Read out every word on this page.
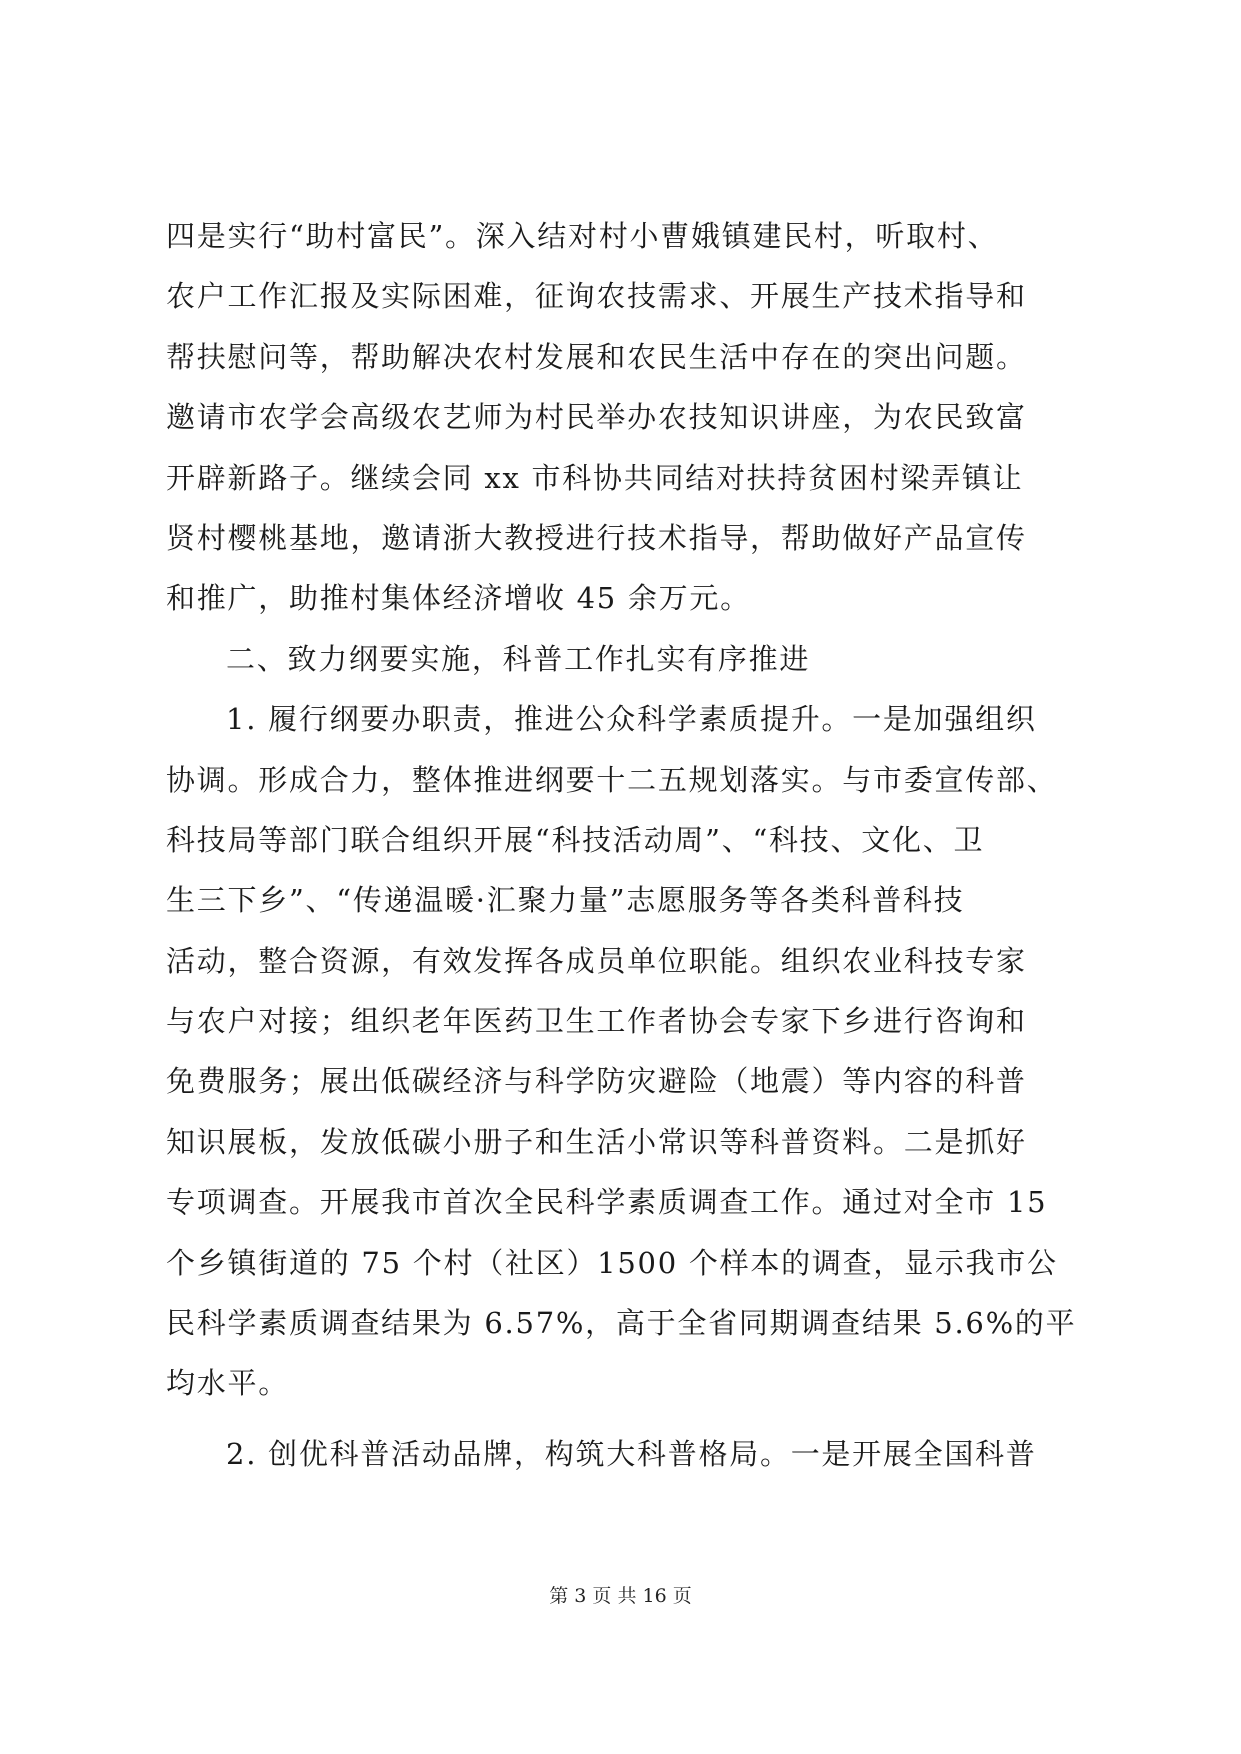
四是实行“助村富民”。深入结对村小曹娥镇建民村，听取村、
农户工作汇报及实际困难，征询农技需求、开展生产技术指导和
帮扶慰问等，帮助解决农村发展和农民生活中存在的突出问题。
邀请市农学会高级农艺师为村民举办农技知识讲座，为农民致富
开辟新路子。继续会同 xx 市科协共同结对扶持贫困村梁弄镇让
贤村樱桃基地，邀请浙大教授进行技术指导，帮助做好产品宣传
和推广，助推村集体经济增收 45 余万元。
二、致力纲要实施，科普工作扎实有序推进
1. 履行纲要办职责，推进公众科学素质提升。一是加强组织
协调。形成合力，整体推进纲要十二五规划落实。与市委宣传部、
科技局等部门联合组织开展“科技活动周”、“科技、文化、卫
生三下乡”、“传递温暖·汇聚力量”志愿服务等各类科普科技
活动，整合资源，有效发挥各成员单位职能。组织农业科技专家
与农户对接；组织老年医药卫生工作者协会专家下乡进行咨询和
免费服务；展出低碳经济与科学防灾避险（地震）等内容的科普
知识展板，发放低碳小册子和生活小常识等科普资料。二是抓好
专项调查。开展我市首次全民科学素质调查工作。通过对全市 15
个乡镇街道的 75 个村（社区）1500 个样本的调查，显示我市公
民科学素质调查结果为 6.57%，高于全省同期调查结果 5.6%的平
均水平。
2. 创优科普活动品牌，构筑大科普格局。一是开展全国科普
第 3 页 共 16 页
